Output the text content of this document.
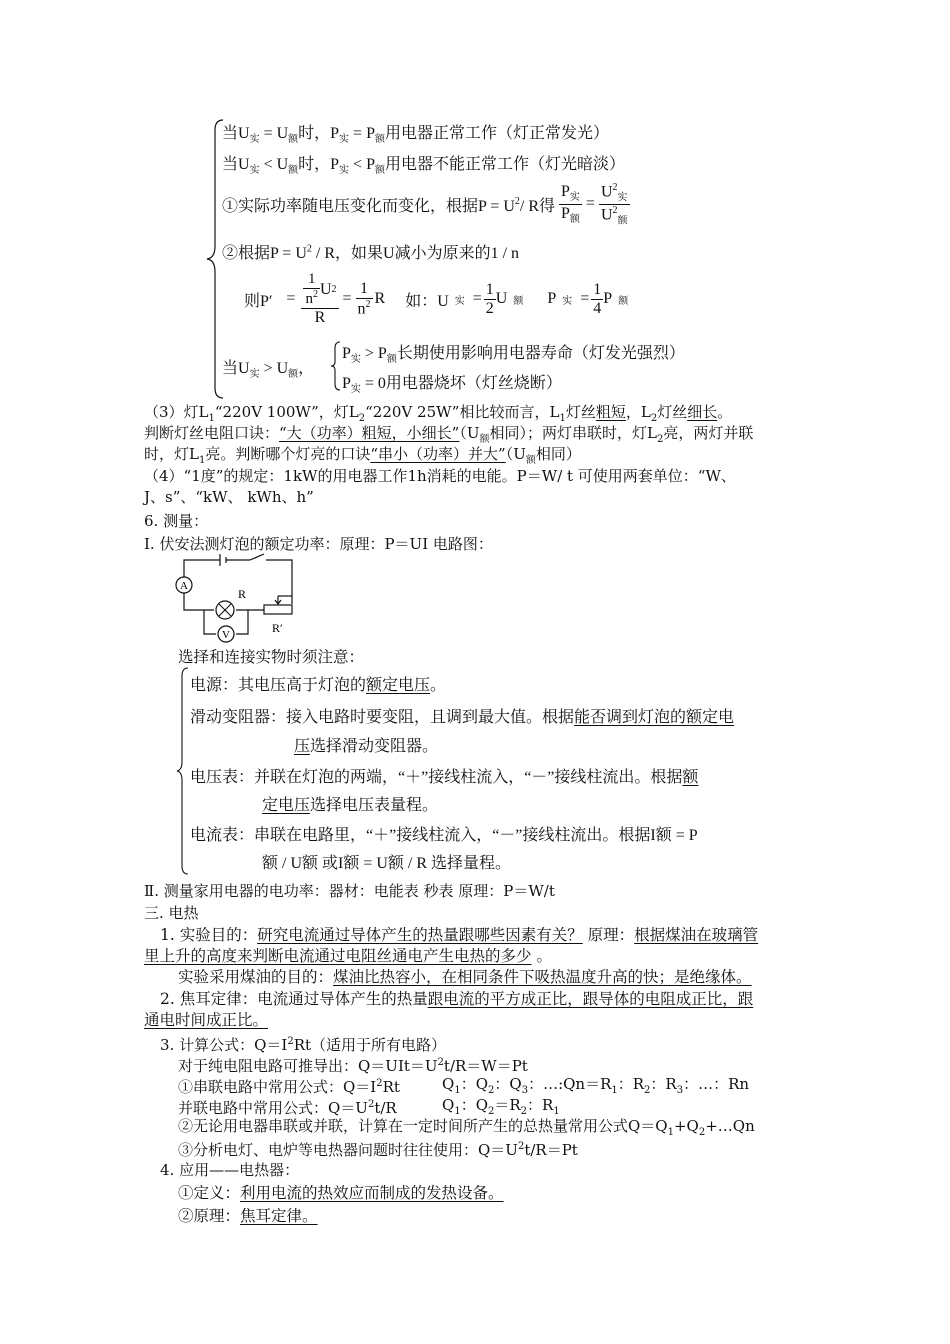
当$U_实 = U_额$时，$P_实 = P_额$用电器正常工作（灯正常发光）
当$U_实 < U_额$时，$P_实 < P_额$用电器不能正常工作（灯光暗淡）
①实际功率随电压变化而变化，根据$P = U^2 / R$得 $\frac{P_实}{P_额} = \frac{U^2_实}{U^2_额}$
②根据$P = U^2 / R$，如果U减小为原来的1 / n
则$P' = \frac{\frac{1}{n^2} U 2}{R} = \frac{1}{n^2}$ R 如：U 实 = $\frac{1}{2}$ U 额 P 实 = $\frac{1}{4}$ P 额
当$U_实 > U_额$，
$P_实 > P_额$长期使用影响用电器寿命（灯发光强烈）
$P_实 = 0$用电器烧坏（灯丝烧断）
（3）灯$L_1“220V$ 100W”，灯$L_2“220V$ 25W”相比较而言，$L_1$灯丝粗短，$L_2$灯丝细长。
判断灯丝电阻口诀：“大（功率）粗短，小细长$”(U_额$相同）；两灯串联时，灯$L_2$亮，两灯并联
时，灯$L_1$亮。判断哪个灯亮的口诀“串小（功率）并大$”(U_额$相同）
（4）“1度”的规定：1kW的用电器工作1h消耗的电能。P＝W/ t 可使用两套单位：“W、
J、s”、“kW、 kWh、h”
6. 测量：
Ⅰ. 伏安法测灯泡的额定功率：原理：P＝UI 电路图：
A
R
V	R′
选择和连接实物时须注意：
电源：其电压高于灯泡的额定电压。
滑动变阻器：接入电路时要变阻，且调到最大值。根据能否调到灯泡的额定电
压选择滑动变阻器。
电压表：并联在灯泡的两端，“＋”接线柱流入，“－”接线柱流出。根据额
定电压选择电压表量程。
电流表：串联在电路里，“＋”接线柱流入，“－”接线柱流出。根据I额 = P
额 / U额 或I额 = U额 / R 选择量程。
Ⅱ. 测量家用电器的电功率：器材：电能表 秒表 原理：P＝W/t
三. 电热
1. 实验目的：研究电流通过导体产生的热量跟哪些因素有关？ 原理：根据煤油在玻璃管
里上升的高度来判断电流通过电阻丝通电产生电热的多少 。
实验采用煤油的目的：煤油比热容小，在相同条件下吸热温度升高的快；是绝缘体。
2. 焦耳定律：电流通过导体产生的热量跟电流的平方成正比，跟导体的电阻成正比，跟
通电时间成正比。
3. 计算公式：$Q=I^2Rt$（适用于所有电路）
对于纯电阻电路可推导出：$Q=UIt=U^2t/R=W=Pt$
①串联电路中常用公式：$Q=I^2Rt$	$Q_1$：$Q_2$：$Q_3$：$\dots:Qn=R_1$：$R_2$：$R_3$：…：Rn
并联电路中常用公式：$Q=U^2t/R$	$Q_1$：$Q_2=R_2$：$R_1$
②无论用电器串联或并联，计算在一定时间所产生的总热量常用公式$Q=Q_1+Q_2+\dots Qn$
③分析电灯、电炉等电热器问题时往往使用：$Q=U^2t/R=Pt$
4. 应用——电热器：
①定义：利用电流的热效应而制成的发热设备。
②原理：焦耳定律。
